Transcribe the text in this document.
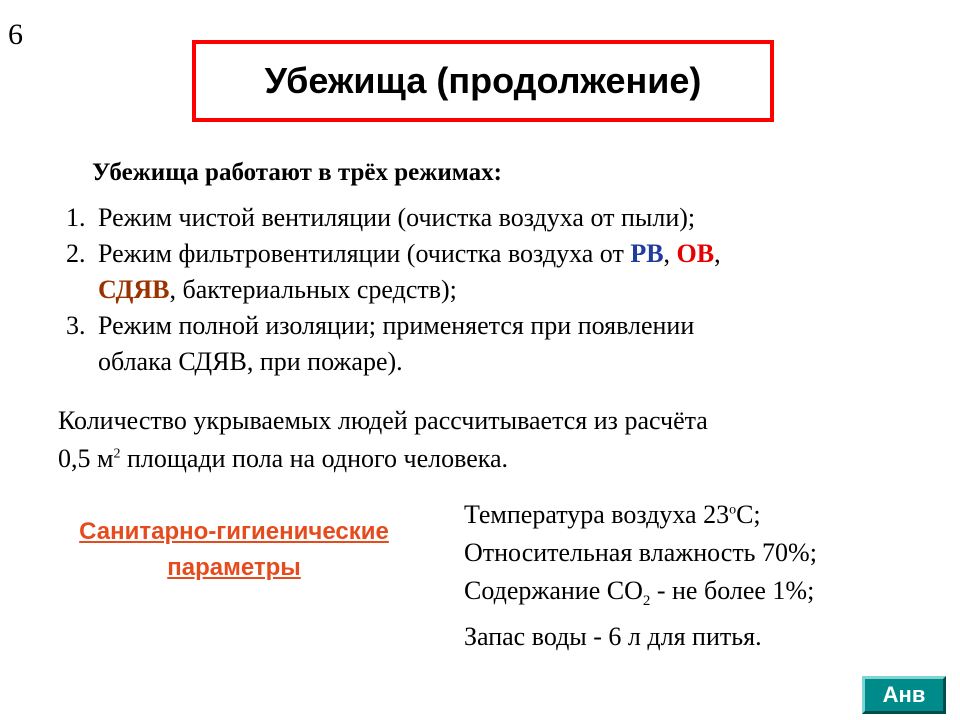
6
Убежища (продолжение)
Убежища работают в трёх режимах:
1. Режим чистой вентиляции (очистка воздуха от пыли);
2. Режим фильтровентиляции (очистка воздуха от РВ, ОВ,
СДЯВ, бактериальных средств);
3. Режим полной изоляции; применяется при появлении
облака СДЯВ, при пожаре).
Количество укрываемых людей рассчитывается из расчёта
0,5 $м^2$ площади пола на одного человека.
Санитарно-гигиенические
параметры
Температура воздуха $23^оС$;
Относительная влажность 70%;
Содержание $СО_2$ - не более 1%;
Запас воды - 6 л для питья.
Анв
